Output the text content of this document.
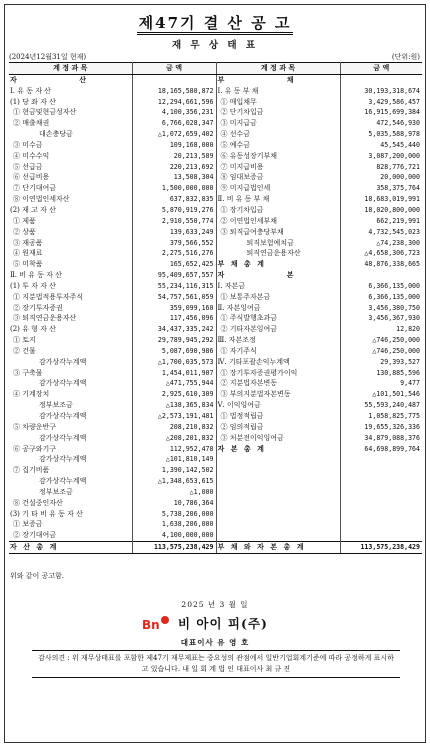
제47기 결 산 공 고
재 무 상 태 표
(2024년12월31일 현재)	(단위:원)
계 정 과 목	금 액	계 정 과 목	금 액
자 산		부 채	
Ⅰ. 유 동 자 산	18,165,580,872	Ⅰ. 유 동 부 채	30,193,318,674
(1) 당 좌 자 산	12,294,661,596	① 매입채무	3,429,586,457
① 현금및현금성자산	4,100,356,231	② 단기차입금	16,915,699,384
② 매출채권	6,766,028,347	③ 미지급금	472,546,930
대손충당금	△1,072,659,402	④ 선수금	5,035,588,978
③ 미수금	109,168,000	⑤ 예수금	45,545,440
④ 미수수익	20,213,589	⑥ 유동성장기부채	3,087,200,000
⑤ 선급금	220,213,692	⑦ 미지급비용	828,776,721
⑥ 선급비용	13,508,304	⑧ 임대보증금	20,000,000
⑦ 단기대여금	1,500,000,000	⑨ 미지급법인세	358,375,764
⑧ 이연법인세자산	637,832,835	Ⅱ. 비 유 동 부 채	18,683,019,991
(2) 재 고 자 산	5,870,919,276	① 장기차입금	18,020,800,000
① 제품	2,910,550,774	② 이연법인세부채	662,219,991
② 상품	139,633,249	③ 퇴직급여충당부채	4,732,545,023
③ 재공품	379,566,552	퇴직보험예치금	△74,238,300
④ 원재료	2,275,516,276	퇴직연금운용자산	△4,658,306,723
⑤ 미착품	165,652,425	부 채 총 계	48,876,338,665
Ⅱ. 비 유 동 자 산	95,409,657,557	자 본	
(1) 투 자 자 산	55,234,116,315	Ⅰ. 자본금	6,366,135,000
① 지분법적용투자주식	54,757,561,059	① 보통주자본금	6,366,135,000
② 장기투자증권	359,099,160	Ⅱ. 자본잉여금	3,456,380,750
③ 퇴직연금운용자산	117,456,096	① 주식발행초과금	3,456,367,930
(2) 유 형 자 산	34,437,335,242	② 기타자본잉여금	12,820
① 토지	29,789,945,292	Ⅲ. 자본조정	△746,250,000
② 건물	5,087,690,986	① 자기주식	△746,250,000
감가상각누계액	△1,700,035,573	Ⅳ. 기타포괄손익누계액	29,393,527
③ 구축물	1,454,011,907	① 장기투자증권평가이익	130,885,596
감가상각누계액	△471,755,944	② 지분법자본변동	9,477
④ 기계장치	2,925,610,309	③ 부의지분법자본변동	△101,501,546
정부보조금	△138,365,834	Ⅴ. 이익잉여금	55,593,240,487
감가상각누계액	△2,573,191,481	① 법정적립금	1,058,825,775
⑤ 차량운반구	208,210,832	② 임의적립금	19,655,326,336
감가상각누계액	△208,201,832	③ 처분전이익잉여금	34,879,088,376
⑥ 공구와기구	112,952,478	자 본 총 계	64,698,899,764
감가상각누계액	△101,810,149		
⑦ 집기비품	1,390,142,502		
감가상각누계액	△1,348,653,615		
정부보조금	△1,000		
⑧ 건설중인자산	10,786,364		
(3) 기 타 비 유 동 자 산	5,738,206,000		
① 보증금	1,638,206,000		
② 장기대여금	4,100,000,000		
자 산 총 계	113,575,238,429	부 채 와 자 본 총 계	113,575,238,429
위와 같이 공고함.
2025 년 3 월 일
Bn 비 아이 피(주)
대표이사 유 영 호
감사의견 : 위 재무상태표를 포함한 제47기 재무제표는 중요성의 관점에서 일반기업회계기준에 따라 공정하게 표시하고 있습니다. 내 일 회 계 법 인 대표이사 최 규 진
